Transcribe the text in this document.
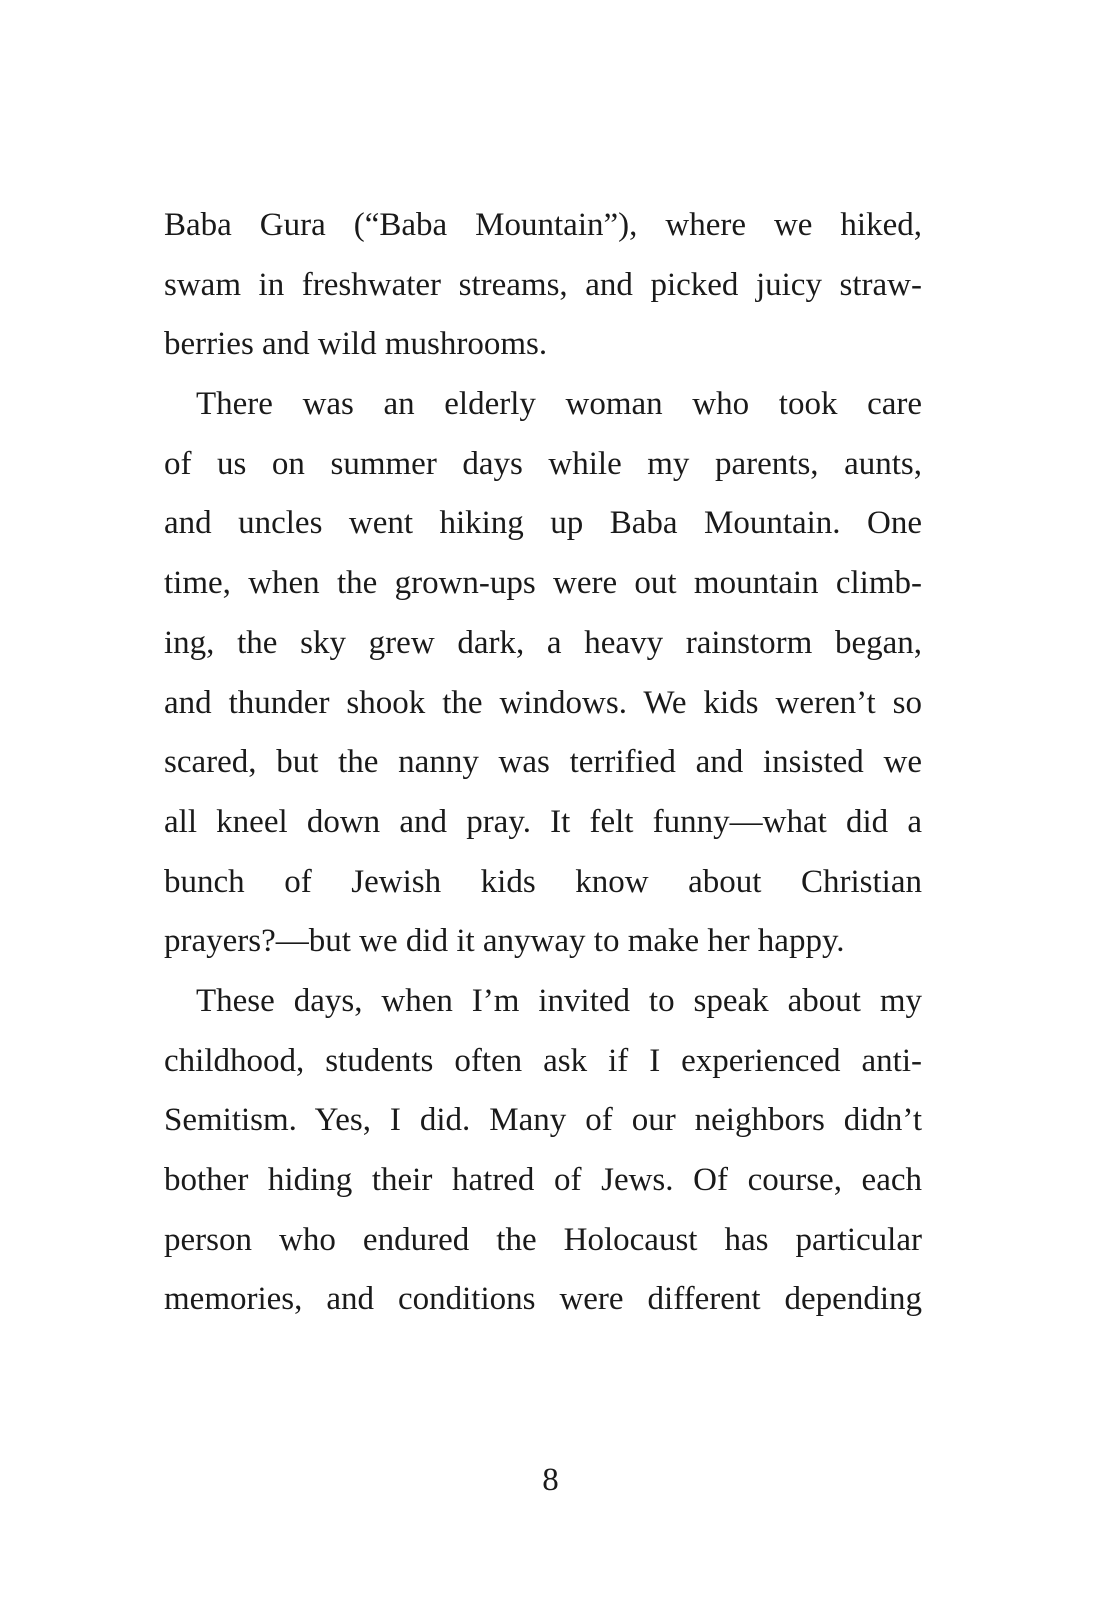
Baba Gura (“Baba Mountain”), where we hiked,
swam in freshwater streams, and picked juicy straw-
berries and wild mushrooms.
There was an elderly woman who took care
of us on summer days while my parents, aunts,
and uncles went hiking up Baba Mountain. One
time, when the grown-ups were out mountain climb-
ing, the sky grew dark, a heavy rainstorm began,
and thunder shook the windows. We kids weren’t so
scared, but the nanny was terrified and insisted we
all kneel down and pray. It felt funny—what did a
bunch of Jewish kids know about Christian
prayers?—but we did it anyway to make her happy.
These days, when I’m invited to speak about my
childhood, students often ask if I experienced anti-
Semitism. Yes, I did. Many of our neighbors didn’t
bother hiding their hatred of Jews. Of course, each
person who endured the Holocaust has particular
memories, and conditions were different depending
8
